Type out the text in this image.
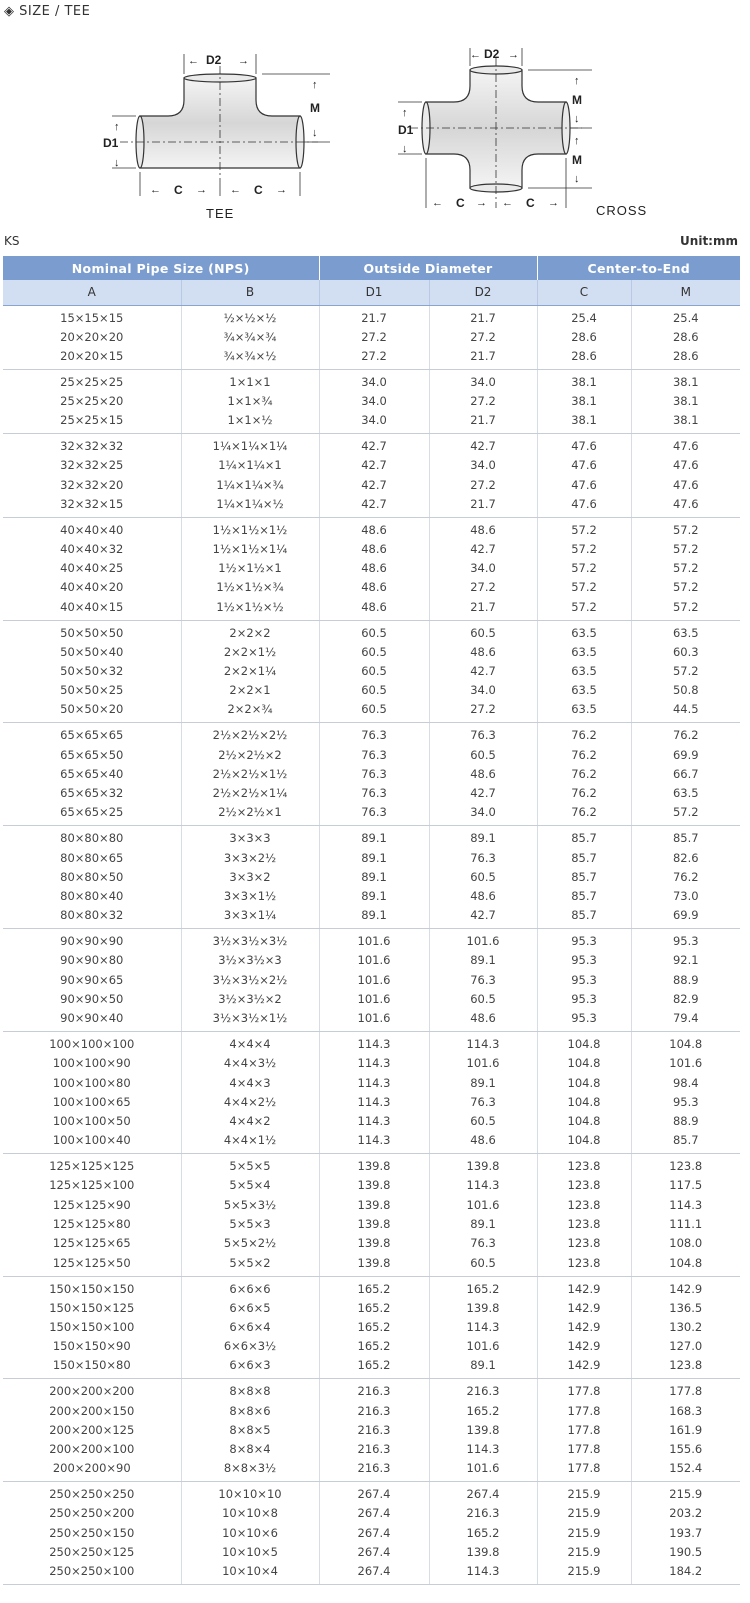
◈ SIZE / TEE
D2
←	→
M
↑
↓
D1
↑
↓
C
←	→	C
←	→
TEE
D2
← →
M
↑
↓
M
↑
↓
D1
↑
↓
C
←	→	C
←	→	CROSS
KS	Unit:mm
Nominal Pipe Size (NPS)		Outside Diameter		Center-to-End	
A	B	D1	D2	C	M
15×15×15	½×½×½	21.7	21.7	25.4	25.4
20×20×20	¾×¾×¾	27.2	27.2	28.6	28.6
20×20×15	¾×¾×½	27.2	21.7	28.6	28.6
25×25×25	1×1×1	34.0	34.0	38.1	38.1
25×25×20	1×1×¾	34.0	27.2	38.1	38.1
25×25×15	1×1×½	34.0	21.7	38.1	38.1
32×32×32	1¼×1¼×1¼	42.7	42.7	47.6	47.6
32×32×25	1¼×1¼×1	42.7	34.0	47.6	47.6
32×32×20	1¼×1¼×¾	42.7	27.2	47.6	47.6
32×32×15	1¼×1¼×½	42.7	21.7	47.6	47.6
40×40×40	1½×1½×1½	48.6	48.6	57.2	57.2
40×40×32	1½×1½×1¼	48.6	42.7	57.2	57.2
40×40×25	1½×1½×1	48.6	34.0	57.2	57.2
40×40×20	1½×1½×¾	48.6	27.2	57.2	57.2
40×40×15	1½×1½×½	48.6	21.7	57.2	57.2
50×50×50	2×2×2	60.5	60.5	63.5	63.5
50×50×40	2×2×1½	60.5	48.6	63.5	60.3
50×50×32	2×2×1¼	60.5	42.7	63.5	57.2
50×50×25	2×2×1	60.5	34.0	63.5	50.8
50×50×20	2×2×¾	60.5	27.2	63.5	44.5
65×65×65	2½×2½×2½	76.3	76.3	76.2	76.2
65×65×50	2½×2½×2	76.3	60.5	76.2	69.9
65×65×40	2½×2½×1½	76.3	48.6	76.2	66.7
65×65×32	2½×2½×1¼	76.3	42.7	76.2	63.5
65×65×25	2½×2½×1	76.3	34.0	76.2	57.2
80×80×80	3×3×3	89.1	89.1	85.7	85.7
80×80×65	3×3×2½	89.1	76.3	85.7	82.6
80×80×50	3×3×2	89.1	60.5	85.7	76.2
80×80×40	3×3×1½	89.1	48.6	85.7	73.0
80×80×32	3×3×1¼	89.1	42.7	85.7	69.9
90×90×90	3½×3½×3½	101.6	101.6	95.3	95.3
90×90×80	3½×3½×3	101.6	89.1	95.3	92.1
90×90×65	3½×3½×2½	101.6	76.3	95.3	88.9
90×90×50	3½×3½×2	101.6	60.5	95.3	82.9
90×90×40	3½×3½×1½	101.6	48.6	95.3	79.4
100×100×100	4×4×4	114.3	114.3	104.8	104.8
100×100×90	4×4×3½	114.3	101.6	104.8	101.6
100×100×80	4×4×3	114.3	89.1	104.8	98.4
100×100×65	4×4×2½	114.3	76.3	104.8	95.3
100×100×50	4×4×2	114.3	60.5	104.8	88.9
100×100×40	4×4×1½	114.3	48.6	104.8	85.7
125×125×125	5×5×5	139.8	139.8	123.8	123.8
125×125×100	5×5×4	139.8	114.3	123.8	117.5
125×125×90	5×5×3½	139.8	101.6	123.8	114.3
125×125×80	5×5×3	139.8	89.1	123.8	111.1
125×125×65	5×5×2½	139.8	76.3	123.8	108.0
125×125×50	5×5×2	139.8	60.5	123.8	104.8
150×150×150	6×6×6	165.2	165.2	142.9	142.9
150×150×125	6×6×5	165.2	139.8	142.9	136.5
150×150×100	6×6×4	165.2	114.3	142.9	130.2
150×150×90	6×6×3½	165.2	101.6	142.9	127.0
150×150×80	6×6×3	165.2	89.1	142.9	123.8
200×200×200	8×8×8	216.3	216.3	177.8	177.8
200×200×150	8×8×6	216.3	165.2	177.8	168.3
200×200×125	8×8×5	216.3	139.8	177.8	161.9
200×200×100	8×8×4	216.3	114.3	177.8	155.6
200×200×90	8×8×3½	216.3	101.6	177.8	152.4
250×250×250	10×10×10	267.4	267.4	215.9	215.9
250×250×200	10×10×8	267.4	216.3	215.9	203.2
250×250×150	10×10×6	267.4	165.2	215.9	193.7
250×250×125	10×10×5	267.4	139.8	215.9	190.5
250×250×100	10×10×4	267.4	114.3	215.9	184.2
